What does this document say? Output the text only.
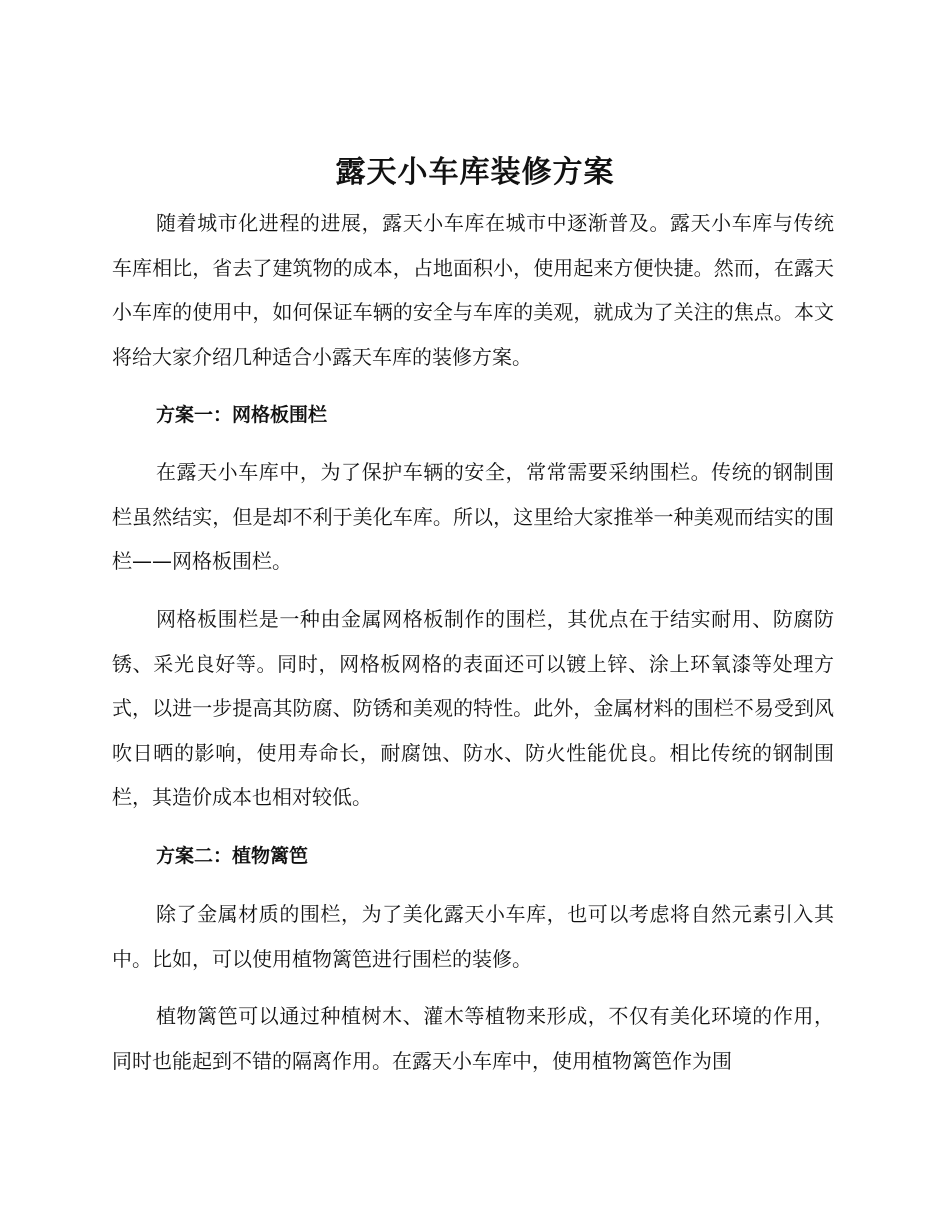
露天小车库装修方案

随着城市化进程的进展，露天小车库在城市中逐渐普及。露天小车库与传统车库相比，省去了建筑物的成本，占地面积小，使用起来方便快捷。然而，在露天小车库的使用中，如何保证车辆的安全与车库的美观，就成为了关注的焦点。本文将给大家介绍几种适合小露天车库的装修方案。

方案一：网格板围栏

在露天小车库中，为了保护车辆的安全，常常需要采纳围栏。传统的钢制围栏虽然结实，但是却不利于美化车库。所以，这里给大家推举一种美观而结实的围栏——网格板围栏。

网格板围栏是一种由金属网格板制作的围栏，其优点在于结实耐用、防腐防锈、采光良好等。同时，网格板网格的表面还可以镀上锌、涂上环氧漆等处理方式，以进一步提高其防腐、防锈和美观的特性。此外，金属材料的围栏不易受到风吹日晒的影响，使用寿命长，耐腐蚀、防水、防火性能优良。相比传统的钢制围栏，其造价成本也相对较低。

方案二：植物篱笆

除了金属材质的围栏，为了美化露天小车库，也可以考虑将自然元素引入其中。比如，可以使用植物篱笆进行围栏的装修。

植物篱笆可以通过种植树木、灌木等植物来形成，不仅有美化环境的作用，同时也能起到不错的隔离作用。在露天小车库中，使用植物篱笆作为围
